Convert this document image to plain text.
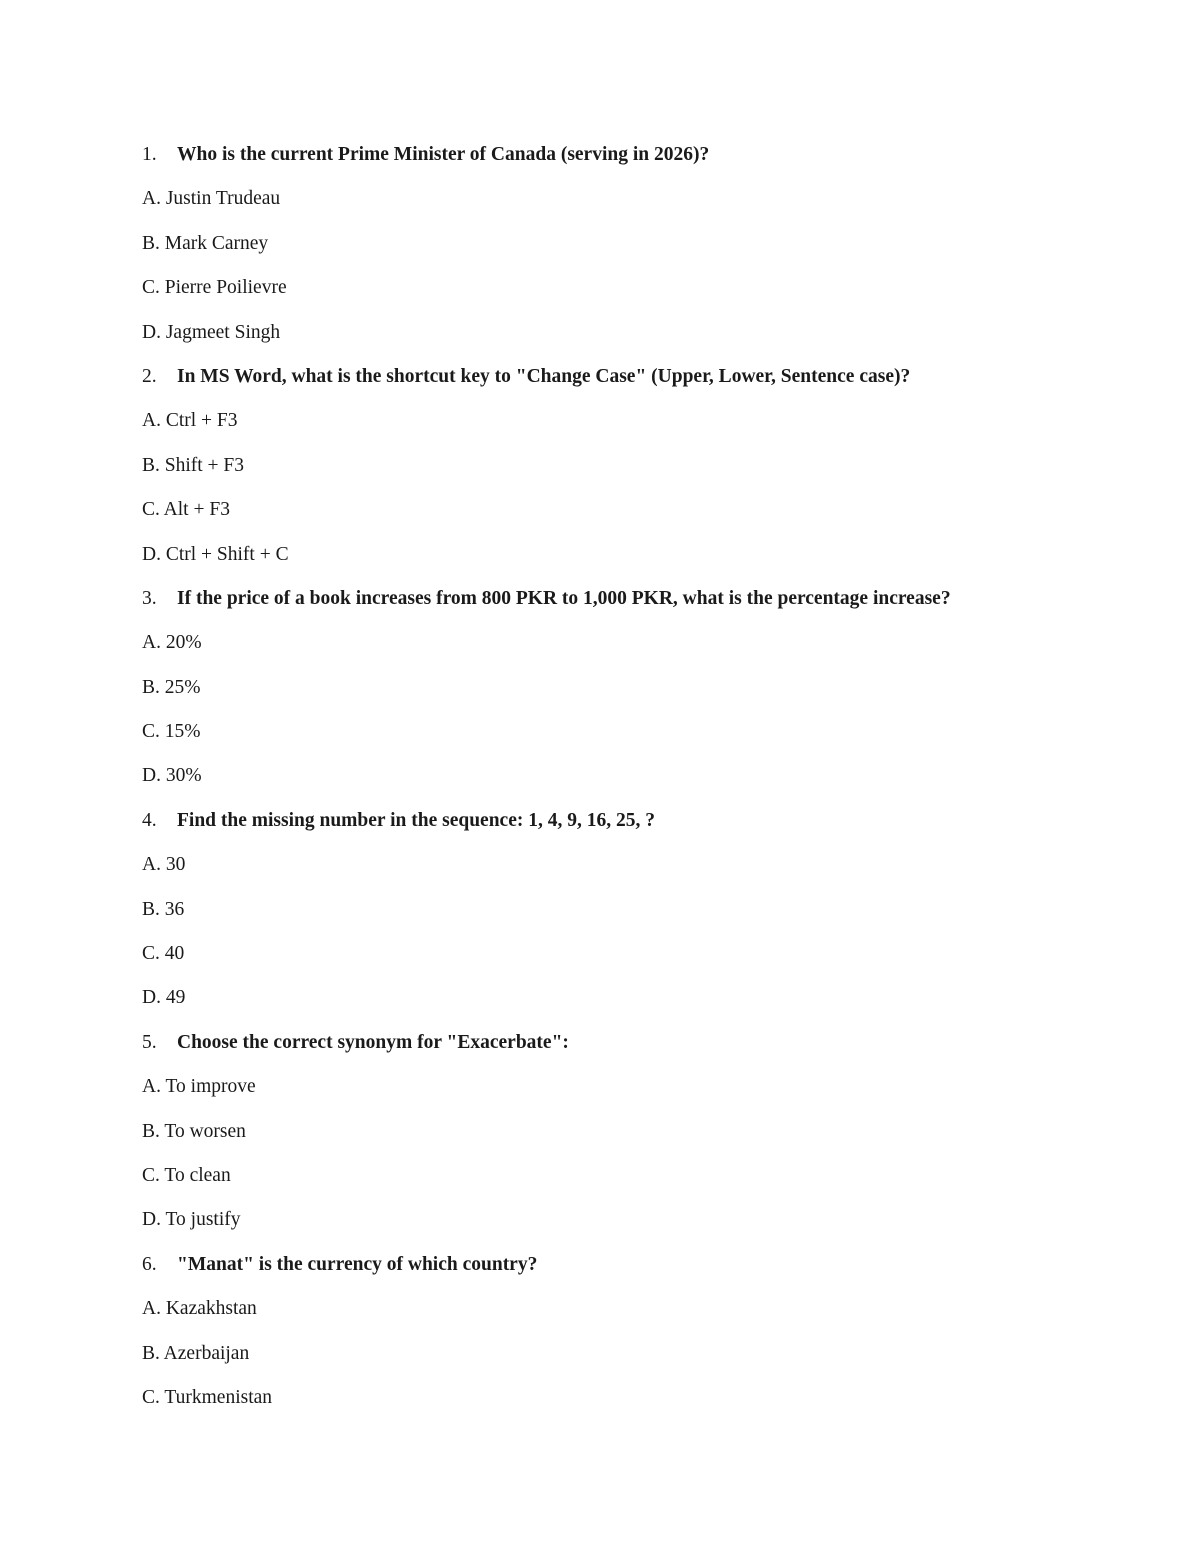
1. Who is the current Prime Minister of Canada (serving in 2026)?
A. Justin Trudeau
B. Mark Carney
C. Pierre Poilievre
D. Jagmeet Singh
2. In MS Word, what is the shortcut key to "Change Case" (Upper, Lower, Sentence case)?
A. Ctrl + F3
B. Shift + F3
C. Alt + F3
D. Ctrl + Shift + C
3. If the price of a book increases from 800 PKR to 1,000 PKR, what is the percentage increase?
A. 20%
B. 25%
C. 15%
D. 30%
4. Find the missing number in the sequence: 1, 4, 9, 16, 25, ?
A. 30
B. 36
C. 40
D. 49
5. Choose the correct synonym for "Exacerbate":
A. To improve
B. To worsen
C. To clean
D. To justify
6. "Manat" is the currency of which country?
A. Kazakhstan
B. Azerbaijan
C. Turkmenistan
